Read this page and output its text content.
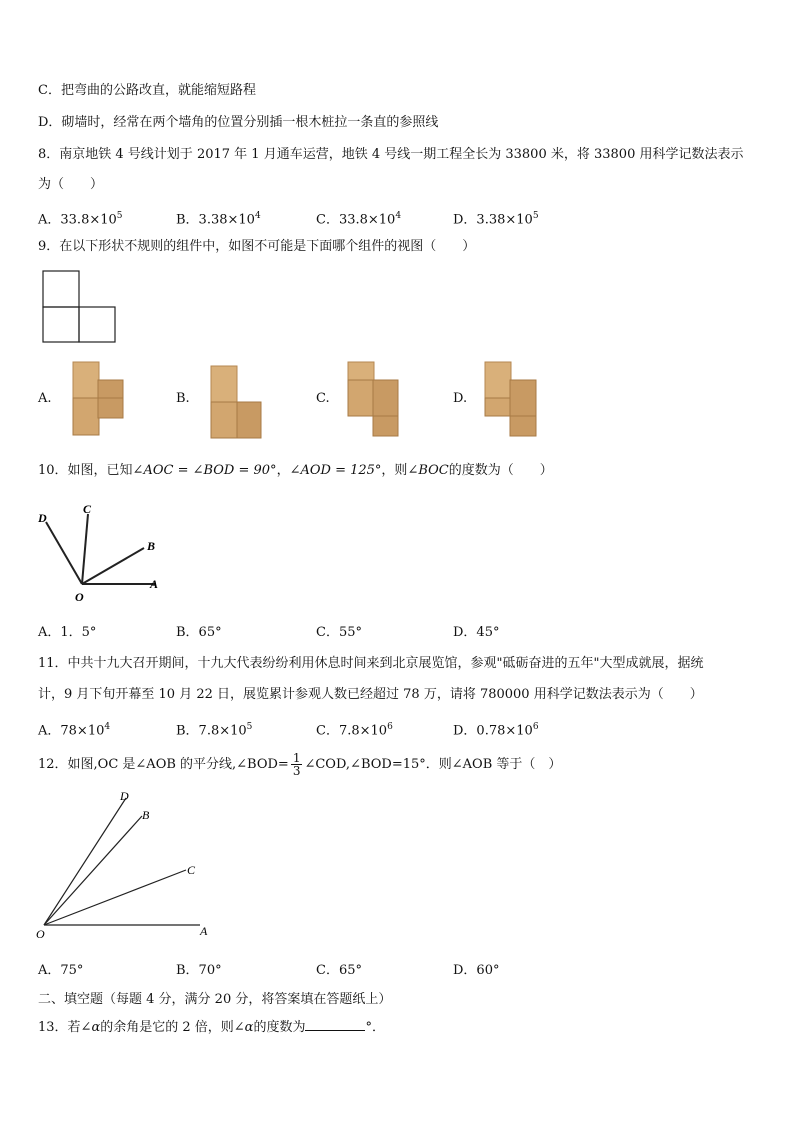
C．把弯曲的公路改直，就能缩短路程
D．砌墙时，经常在两个墙角的位置分别插一根木桩拉一条直的参照线
8．南京地铁 4 号线计划于 2017 年 1 月通车运营，地铁 4 号线一期工程全长为 33800 米，将 33800 用科学记数法表示
为（　　）
A．$33.8\times 10^5$	B．$3.38\times 10^4$	C．$33.8\times 10^4$	D．$3.38\times 10^5$
9．在以下形状不规则的组件中，如图不可能是下面哪个组件的视图（　　）
A.	B.	C.	D.
10．如图，已知∠AOC = ∠BOD = 90°，∠AOD = 125°，则∠BOC的度数为（　　）
D
C
B
O
A
A．1．5°	B．65°	C．55°	D．45°
11．中共十九大召开期间，十九大代表纷纷利用休息时间来到北京展览馆，参观"砥砺奋进的五年"大型成就展，据统
计，9 月下旬开幕至 10 月 22 日，展览累计参观人数已经超过 78 万，请将 780000 用科学记数法表示为（　　）
A．$78\times 10^4$	B．$7.8\times 10^5$	C．$7.8\times 10^6$	D．$0.78\times 10^6$
12．如图,OC 是∠AOB 的平分线,∠BOD= $\frac{1}{3}$ ∠COD,∠BOD=15°．则∠AOB 等于（　）
D
B
C
O	A
A．75°	B．70°	C．65°	D．60°
二、填空题（每题 4 分，满分 20 分，将答案填在答题纸上）
13．若∠α的余角是它的 2 倍，则∠α的度数为	°．
